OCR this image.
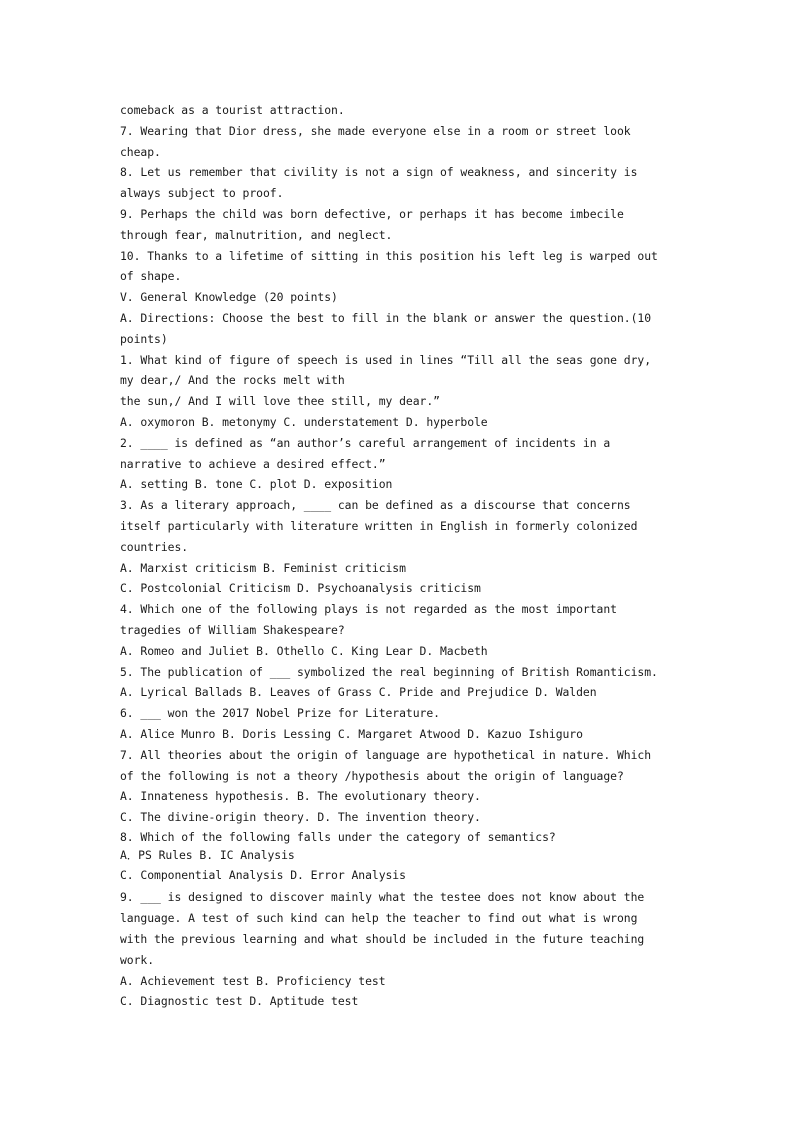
comeback as a tourist attraction.
7. Wearing that Dior dress, she made everyone else in a room or street look
cheap.
8. Let us remember that civility is not a sign of weakness, and sincerity is
always subject to proof.
9. Perhaps the child was born defective, or perhaps it has become imbecile
through fear, malnutrition, and neglect.
10. Thanks to a lifetime of sitting in this position his left leg is warped out
of shape.
V. General Knowledge (20 points)
A. Directions: Choose the best to fill in the blank or answer the question.(10
points)
1. What kind of figure of speech is used in lines “Till all the seas gone dry,
my dear,/ And the rocks melt with
the sun,/ And I will love thee still, my dear.”
A. oxymoron B. metonymy C. understatement D. hyperbole
2. ____ is defined as “an author’s careful arrangement of incidents in a
narrative to achieve a desired effect.”
A. setting B. tone C. plot D. exposition
3. As a literary approach, ____ can be defined as a discourse that concerns
itself particularly with literature written in English in formerly colonized
countries.
A. Marxist criticism B. Feminist criticism
C. Postcolonial Criticism D. Psychoanalysis criticism
4. Which one of the following plays is not regarded as the most important
tragedies of William Shakespeare?
A. Romeo and Juliet B. Othello C. King Lear D. Macbeth
5. The publication of ___ symbolized the real beginning of British Romanticism.
A. Lyrical Ballads B. Leaves of Grass C. Pride and Prejudice D. Walden
6. ___ won the 2017 Nobel Prize for Literature.
A. Alice Munro B. Doris Lessing C. Margaret Atwood D. Kazuo Ishiguro
7. All theories about the origin of language are hypothetical in nature. Which
of the following is not a theory /hypothesis about the origin of language?
A. Innateness hypothesis. B. The evolutionary theory.
C. The divine-origin theory. D. The invention theory.
8. Which of the following falls under the category of semantics?
A．PS Rules B. IC Analysis
C. Componential Analysis D. Error Analysis
9. ___ is designed to discover mainly what the testee does not know about the
language. A test of such kind can help the teacher to find out what is wrong
with the previous learning and what should be included in the future teaching
work.
A. Achievement test B. Proficiency test
C. Diagnostic test D. Aptitude test
